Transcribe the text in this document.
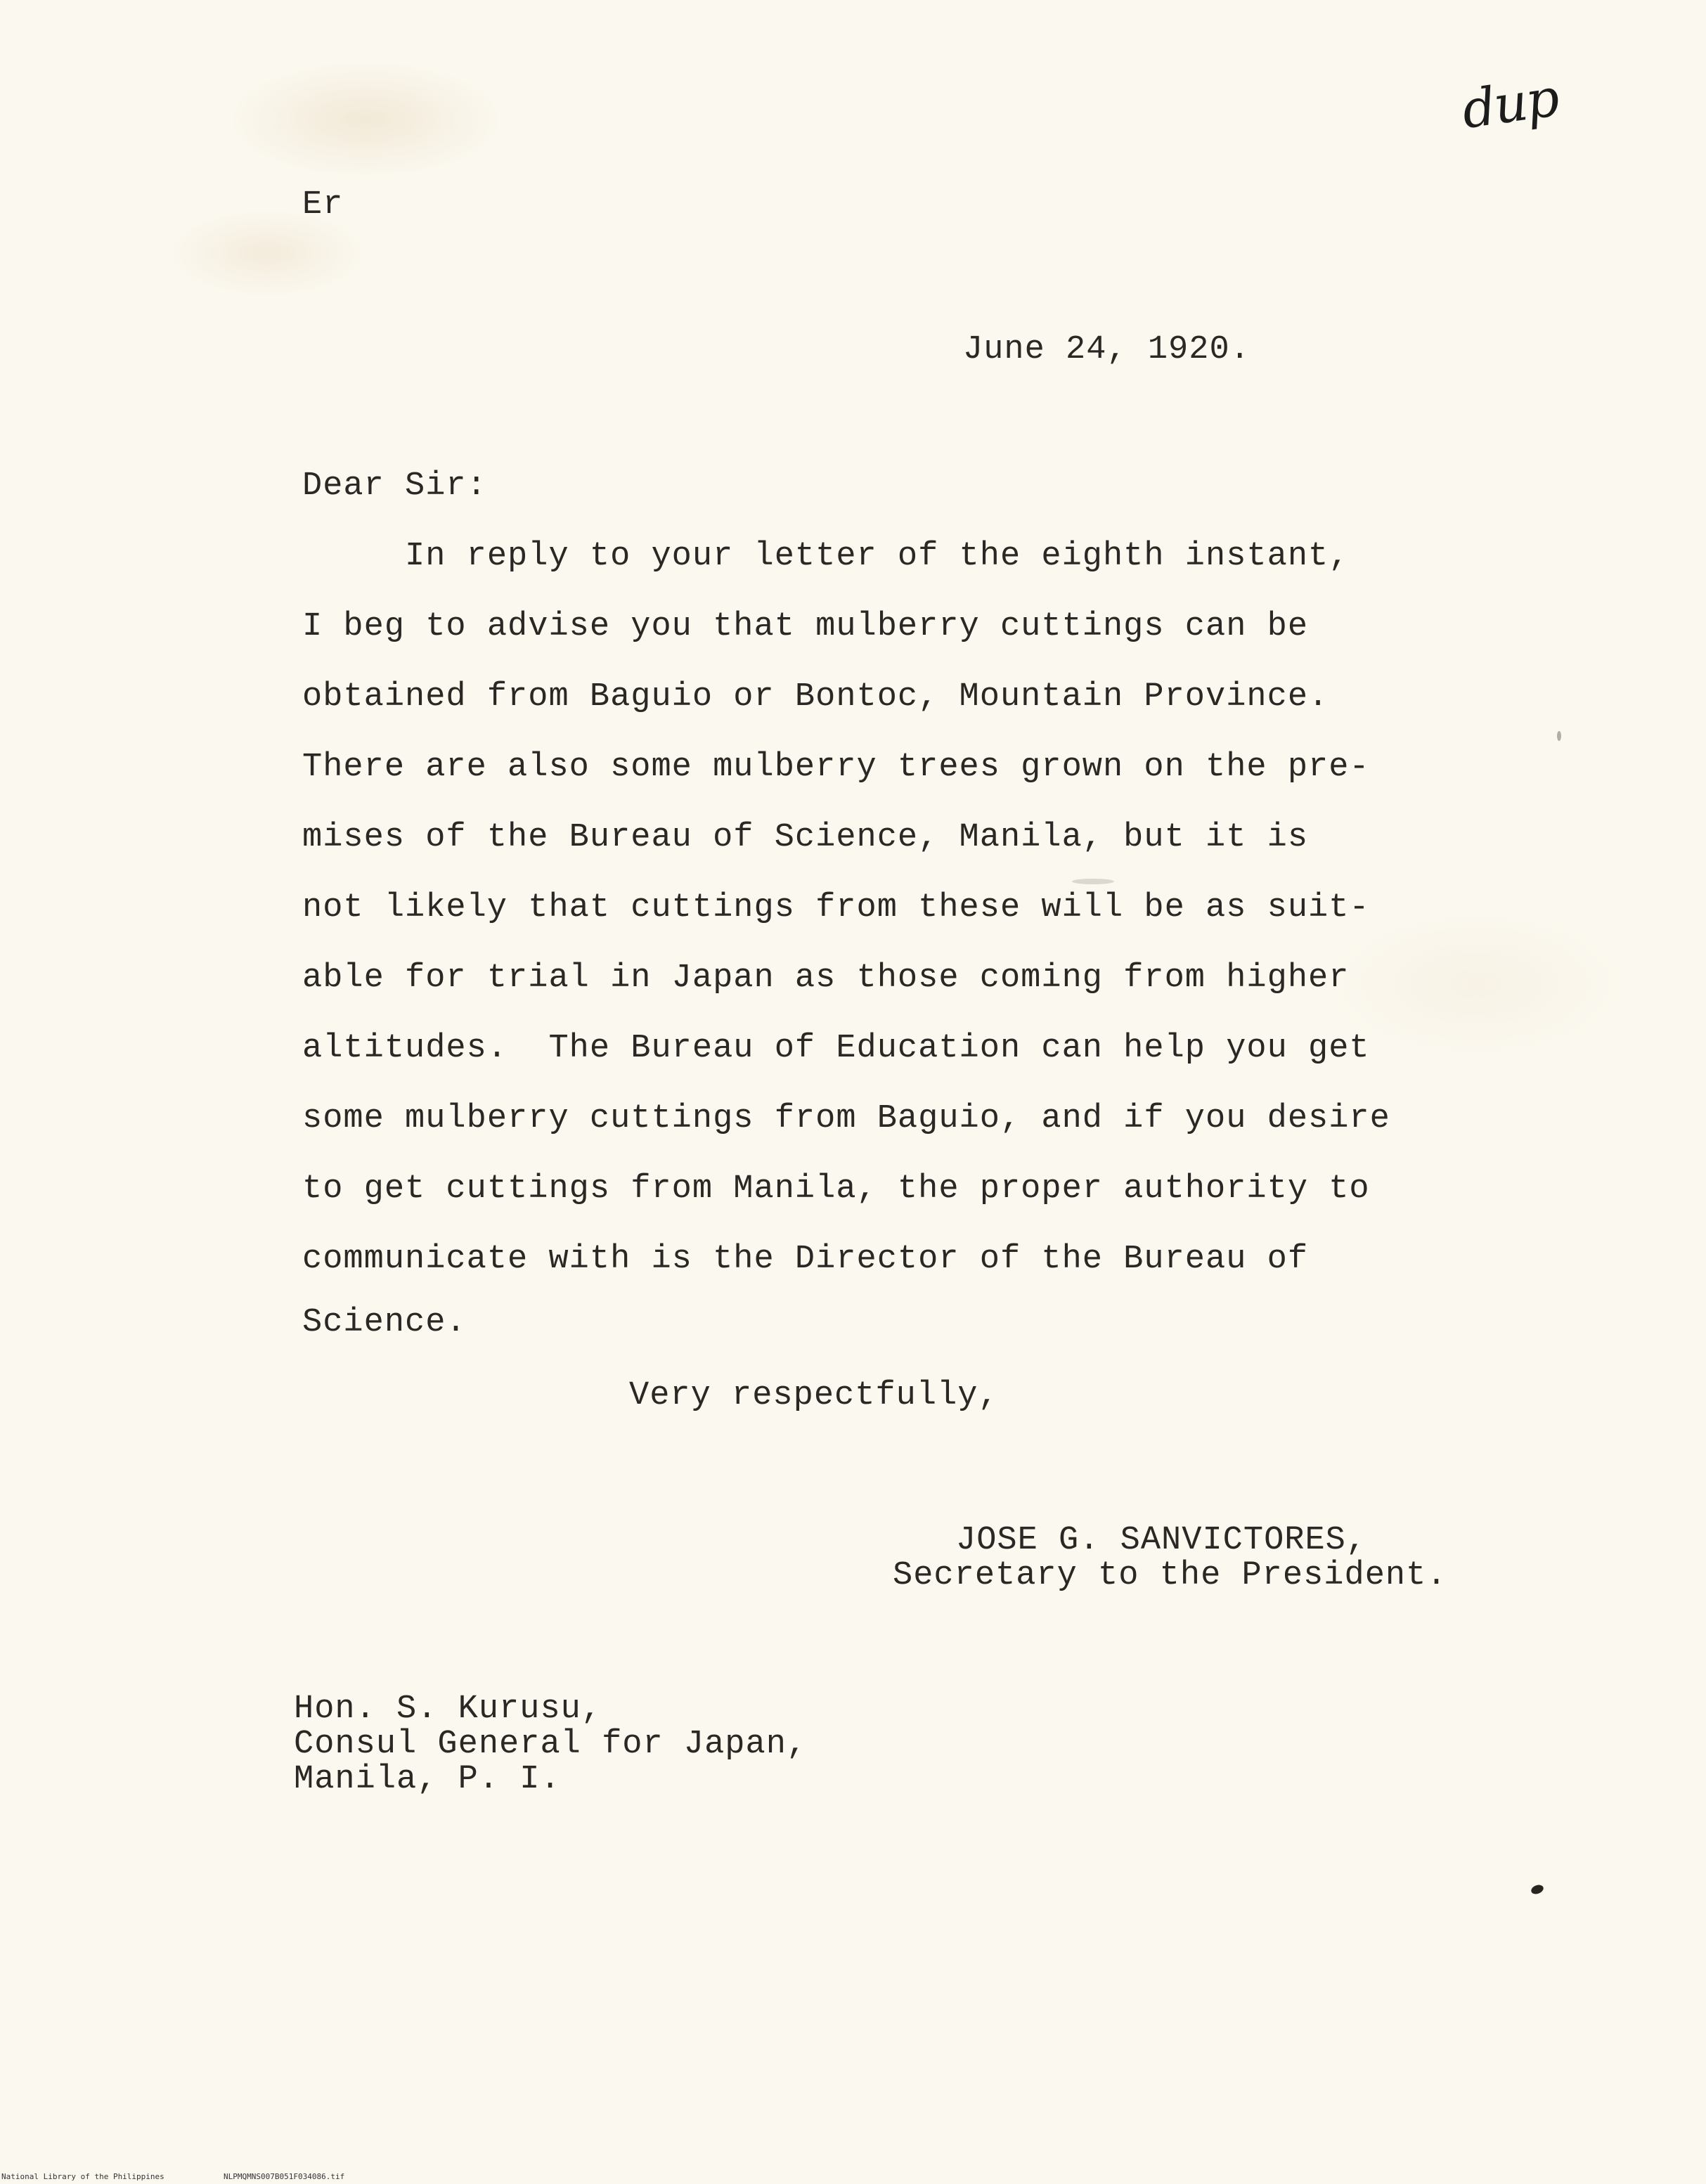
Er
dup
June 24, 1920.
Dear Sir:
In reply to your letter of the eighth instant,
I beg to advise you that mulberry cuttings can be
obtained from Baguio or Bontoc, Mountain Province.
There are also some mulberry trees grown on the pre-
mises of the Bureau of Science, Manila, but it is
not likely that cuttings from these will be as suit-
able for trial in Japan as those coming from higher
altitudes.  The Bureau of Education can help you get
some mulberry cuttings from Baguio, and if you desire
to get cuttings from Manila, the proper authority to
communicate with is the Director of the Bureau of
Science.
Very respectfully,
JOSE G. SANVICTORES,
Secretary to the President.
Hon. S. Kurusu,
Consul General for Japan,
Manila, P. I.
National Library of the Philippines	NLPMQMNS007B051F034086.tif
